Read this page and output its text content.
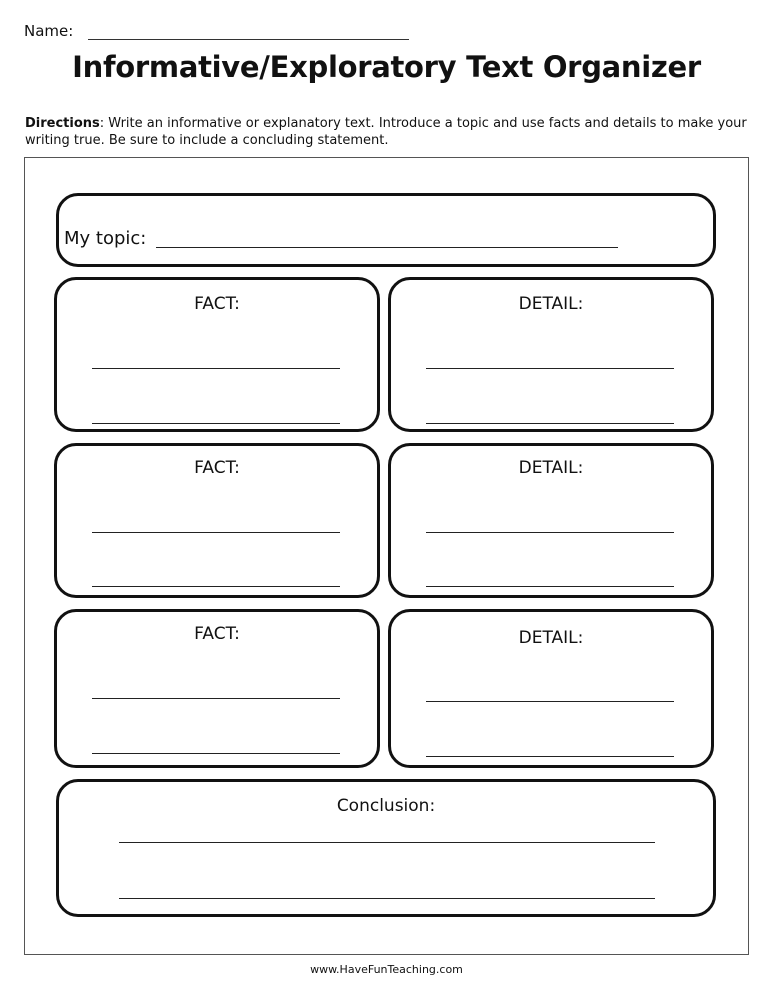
Name:
Informative/Exploratory Text Organizer
Directions: Write an informative or explanatory text. Introduce a topic and use facts and details to make your writing true. Be sure to include a concluding statement.
My topic:
FACT:	DETAIL:
FACT:	DETAIL:
FACT:	DETAIL:
Conclusion:
www.HaveFunTeaching.com
